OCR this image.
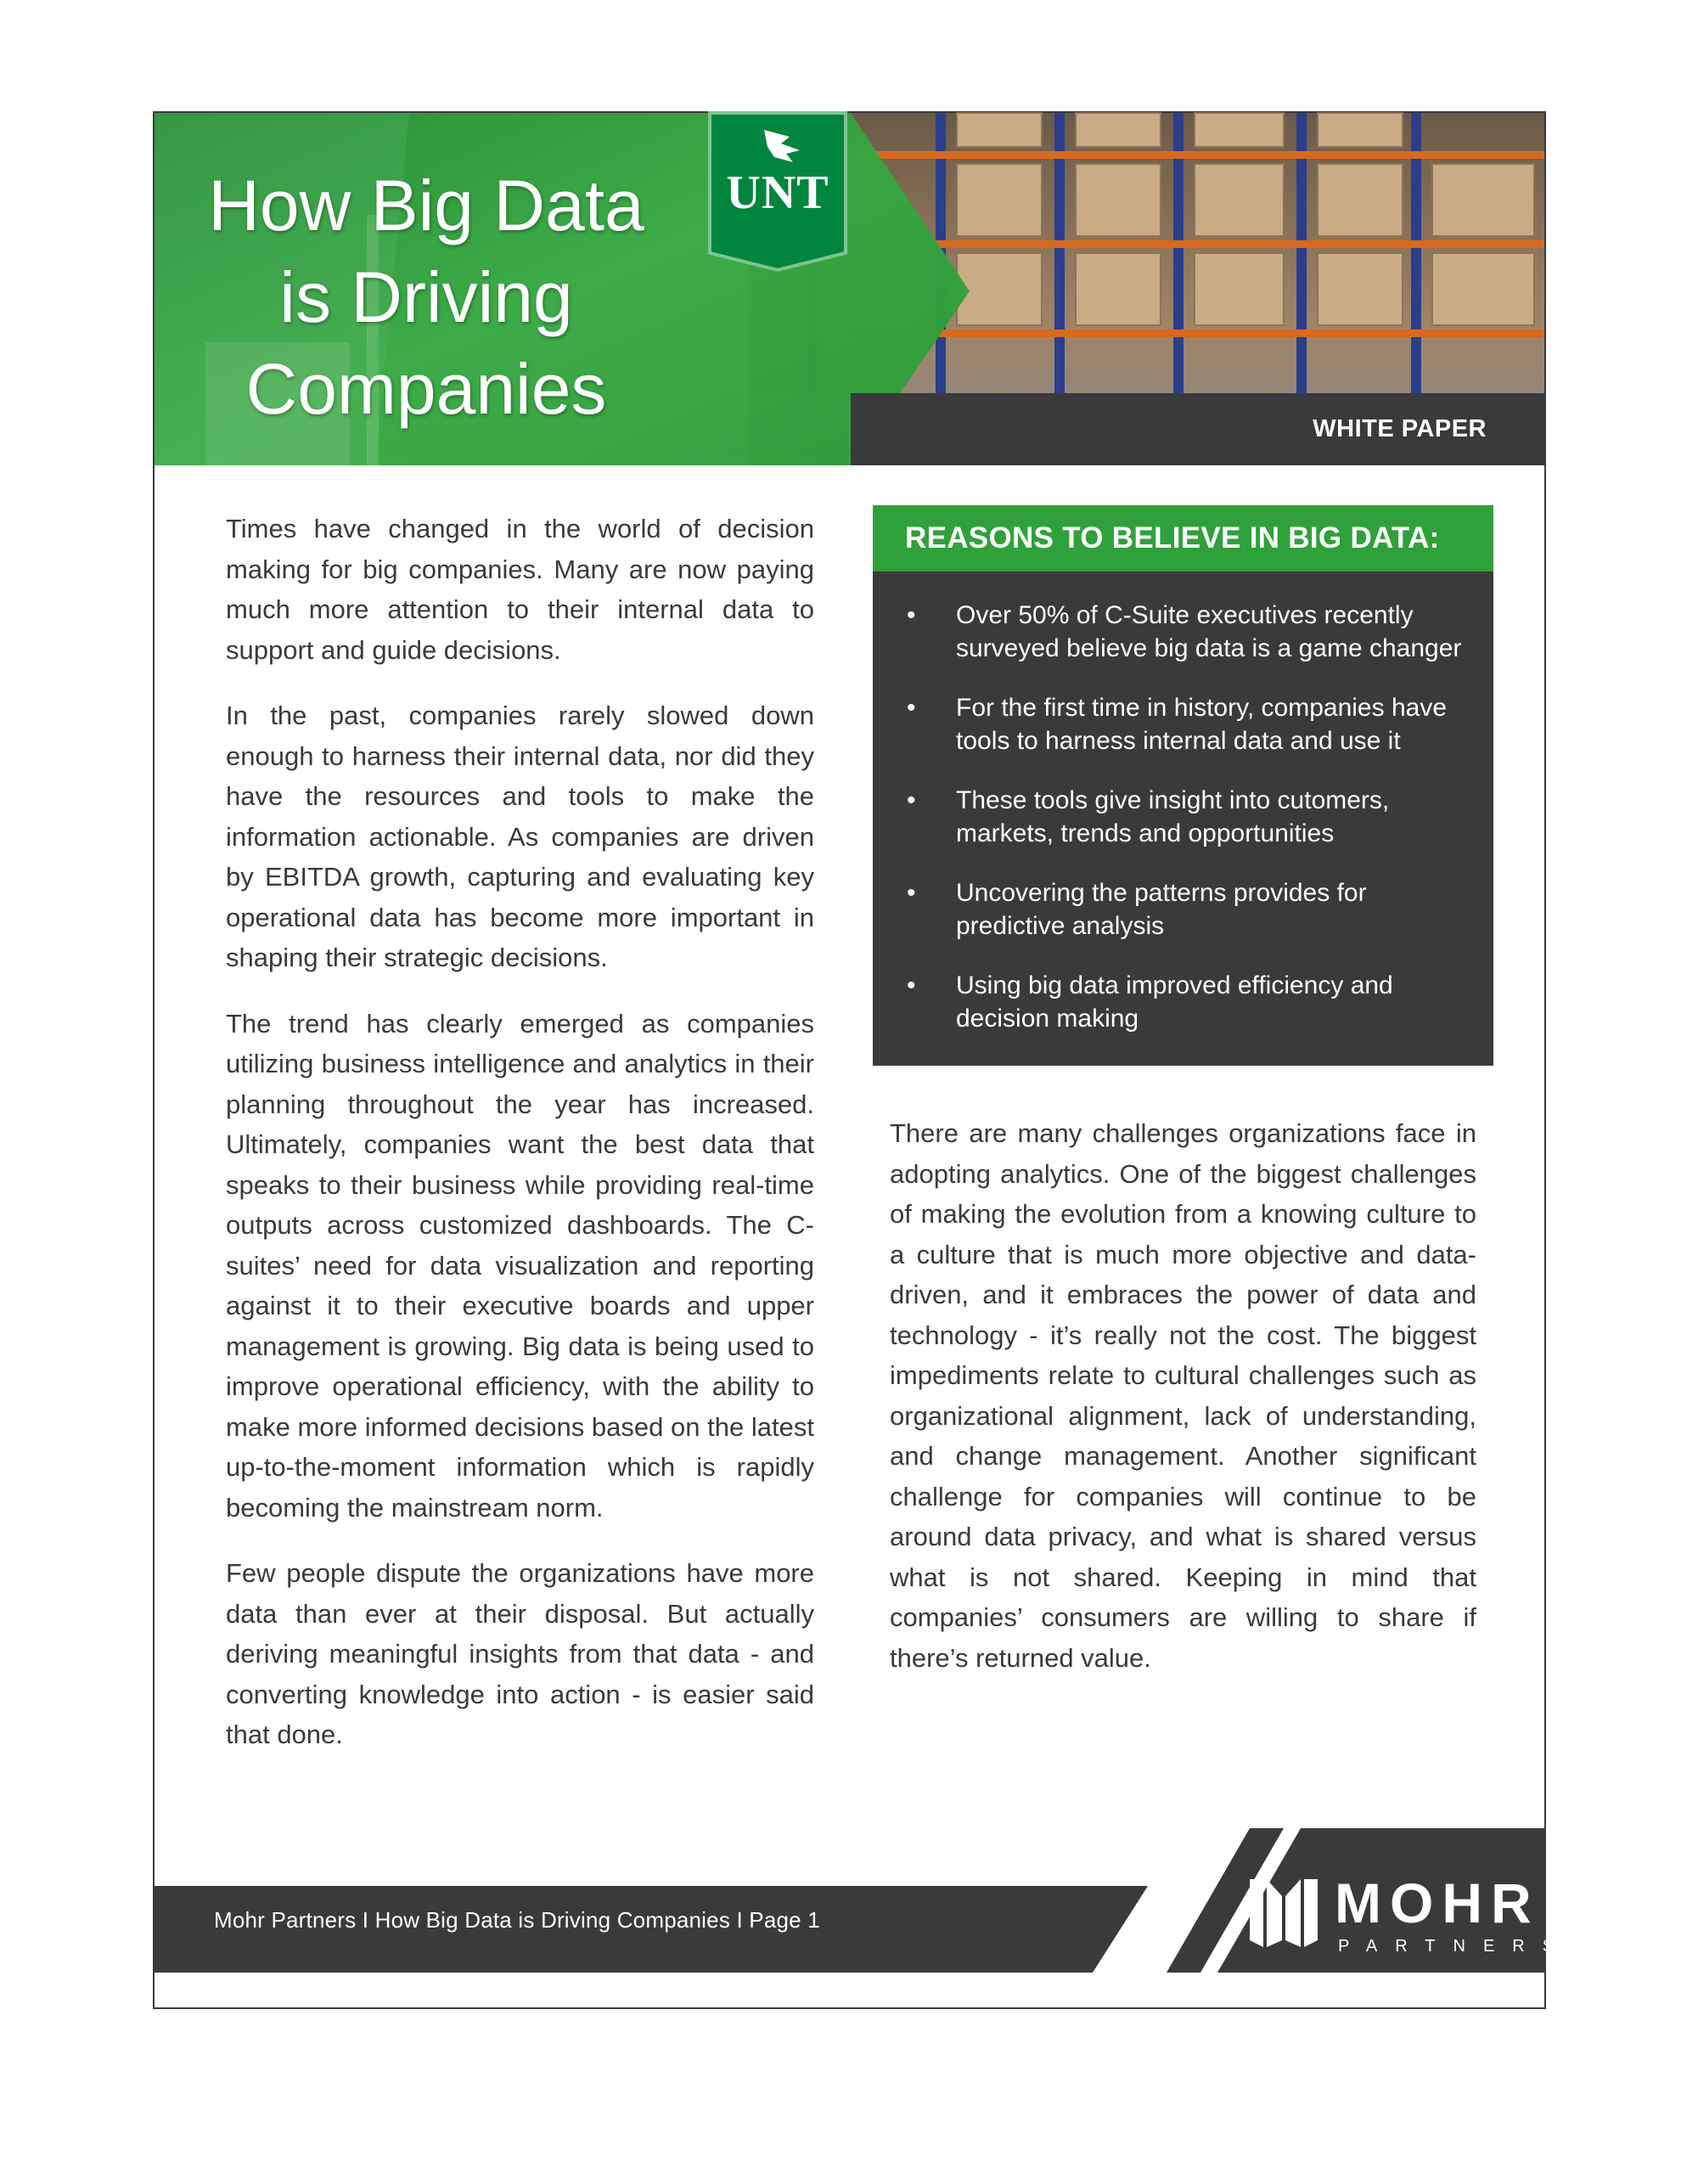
How Big Data
is Driving
Companies
UNT
WHITE PAPER

Times have changed in the world of decision making for big companies. Many are now paying much more attention to their internal data to support and guide decisions.

In the past, companies rarely slowed down enough to harness their internal data, nor did they have the resources and tools to make the information actionable. As companies are driven by EBITDA growth, capturing and evaluating key operational data has become more important in shaping their strategic decisions.

The trend has clearly emerged as companies utilizing business intelligence and analytics in their planning throughout the year has increased. Ultimately, companies want the best data that speaks to their business while providing real-time outputs across customized dashboards. The C-suites’ need for data visualization and reporting against it to their executive boards and upper management is growing. Big data is being used to improve operational efficiency, with the ability to make more informed decisions based on the latest up-to-the-moment information which is rapidly becoming the mainstream norm.

Few people dispute the organizations have more data than ever at their disposal. But actually deriving meaningful insights from that data - and converting knowledge into action - is easier said that done.

REASONS TO BELIEVE IN BIG DATA:
• Over 50% of C-Suite executives recently surveyed believe big data is a game changer
• For the first time in history, companies have tools to harness internal data and use it
• These tools give insight into cutomers, markets, trends and opportunities
• Uncovering the patterns provides for predictive analysis
• Using big data improved efficiency and decision making

There are many challenges organizations face in adopting analytics. One of the biggest challenges of making the evolution from a knowing culture to a culture that is much more objective and data-driven, and it embraces the power of data and technology - it’s really not the cost. The biggest impediments relate to cultural challenges such as organizational alignment, lack of understanding, and change management. Another significant challenge for companies will continue to be around data privacy, and what is shared versus what is not shared. Keeping in mind that companies’ consumers are willing to share if there’s returned value.

Mohr Partners I How Big Data is Driving Companies I Page 1	MOHR
PARTNERS
